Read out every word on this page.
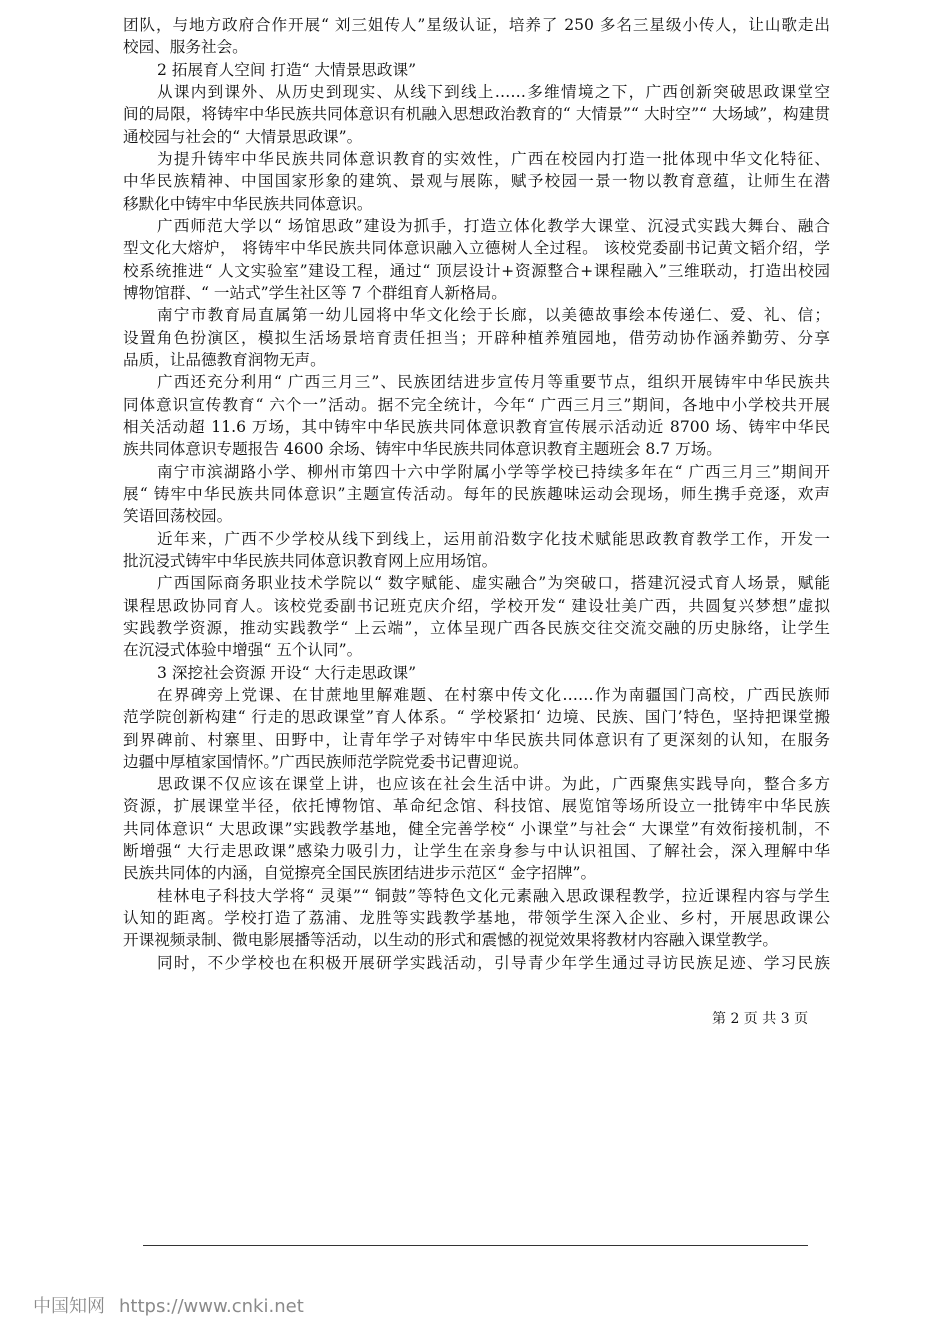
团队，与地方政府合作开展“ 刘三姐传人”星级认证，培养了 250 多名三星级小传人，让山歌走出
校园、服务社会。
2 拓展育人空间 打造“ 大情景思政课”
从课内到课外、从历史到现实、从线下到线上……多维情境之下，广西创新突破思政课堂空
间的局限，将铸牢中华民族共同体意识有机融入思想政治教育的“ 大情景”“ 大时空”“ 大场域”，构建贯
通校园与社会的“ 大情景思政课”。
为提升铸牢中华民族共同体意识教育的实效性，广西在校园内打造一批体现中华文化特征、
中华民族精神、中国国家形象的建筑、景观与展陈，赋予校园一景一物以教育意蕴，让师生在潜
移默化中铸牢中华民族共同体意识。
广西师范大学以“ 场馆思政”建设为抓手，打造立体化教学大课堂、沉浸式实践大舞台、融合
型文化大熔炉， 将铸牢中华民族共同体意识融入立德树人全过程。 该校党委副书记黄文韬介绍，学
校系统推进“ 人文实验室”建设工程，通过“ 顶层设计+资源整合+课程融入”三维联动，打造出校园
博物馆群、“ 一站式”学生社区等 7 个群组育人新格局。
南宁市教育局直属第一幼儿园将中华文化绘于长廊，以美德故事绘本传递仁、爱、礼、信；
设置角色扮演区，模拟生活场景培育责任担当；开辟种植养殖园地，借劳动协作涵养勤劳、分享
品质，让品德教育润物无声。
广西还充分利用“ 广西三月三”、民族团结进步宣传月等重要节点，组织开展铸牢中华民族共
同体意识宣传教育“ 六个一”活动。据不完全统计，今年“ 广西三月三”期间，各地中小学校共开展
相关活动超 11.6 万场，其中铸牢中华民族共同体意识教育宣传展示活动近 8700 场、铸牢中华民
族共同体意识专题报告 4600 余场、铸牢中华民族共同体意识教育主题班会 8.7 万场。
南宁市滨湖路小学、柳州市第四十六中学附属小学等学校已持续多年在“ 广西三月三”期间开
展“ 铸牢中华民族共同体意识”主题宣传活动。每年的民族趣味运动会现场，师生携手竞逐，欢声
笑语回荡校园。
近年来，广西不少学校从线下到线上，运用前沿数字化技术赋能思政教育教学工作，开发一
批沉浸式铸牢中华民族共同体意识教育网上应用场馆。
广西国际商务职业技术学院以“ 数字赋能、虚实融合”为突破口，搭建沉浸式育人场景，赋能
课程思政协同育人。该校党委副书记班克庆介绍，学校开发“ 建设壮美广西，共圆复兴梦想”虚拟
实践教学资源，推动实践教学“ 上云端”，立体呈现广西各民族交往交流交融的历史脉络，让学生
在沉浸式体验中增强“ 五个认同”。
3 深挖社会资源 开设“ 大行走思政课”
在界碑旁上党课、在甘蔗地里解难题、在村寨中传文化……作为南疆国门高校，广西民族师
范学院创新构建“ 行走的思政课堂”育人体系。“ 学校紧扣‘ 边境、民族、国门’特色，坚持把课堂搬
到界碑前、村寨里、田野中，让青年学子对铸牢中华民族共同体意识有了更深刻的认知，在服务
边疆中厚植家国情怀。”广西民族师范学院党委书记曹迎说。
思政课不仅应该在课堂上讲，也应该在社会生活中讲。为此，广西聚焦实践导向，整合多方
资源，扩展课堂半径，依托博物馆、革命纪念馆、科技馆、展览馆等场所设立一批铸牢中华民族
共同体意识“ 大思政课”实践教学基地，健全完善学校“ 小课堂”与社会“ 大课堂”有效衔接机制，不
断增强“ 大行走思政课”感染力吸引力，让学生在亲身参与中认识祖国、了解社会，深入理解中华
民族共同体的内涵，自觉擦亮全国民族团结进步示范区“ 金字招牌”。
桂林电子科技大学将“ 灵渠”“ 铜鼓”等特色文化元素融入思政课程教学，拉近课程内容与学生
认知的距离。学校打造了荔浦、龙胜等实践教学基地，带领学生深入企业、乡村，开展思政课公
开课视频录制、微电影展播等活动，以生动的形式和震憾的视觉效果将教材内容融入课堂教学。
同时，不少学校也在积极开展研学实践活动，引导青少年学生通过寻访民族足迹、学习民族
第 2 页 共 3 页
中国知网 https://www.cnki.net
